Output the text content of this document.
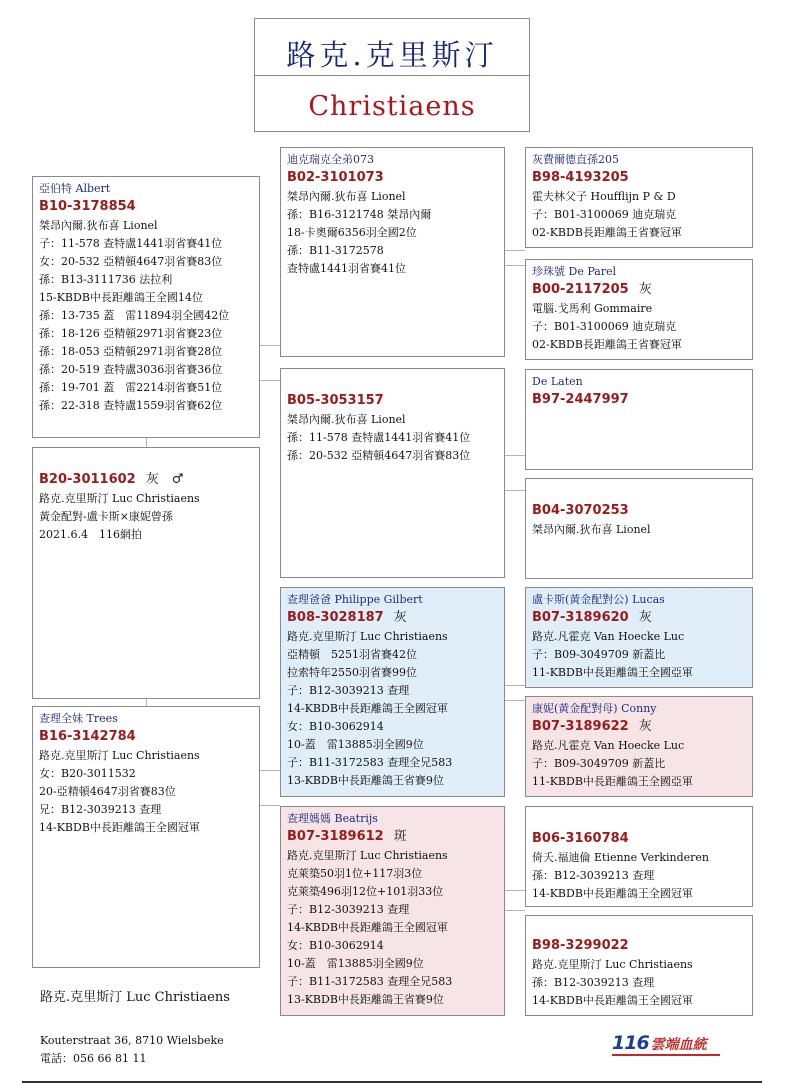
路克.克里斯汀
Christiaens
亞伯特 Albert
B10-3178854
桀昂內爾.狄布喜 Lionel
子：11-578 查特盧1441羽省賽41位
女：20-532 亞精頓4647羽省賽83位
孫：B13-3111736 法拉利
15-KBDB中長距離鴿王全國14位
孫：13-735 蓋　雷11894羽全國42位
孫：18-126 亞精頓2971羽省賽23位
孫：18-053 亞精頓2971羽省賽28位
孫：20-519 查特盧3036羽省賽36位
孫：19-701 蓋　雷2214羽省賽51位
孫：22-318 查特盧1559羽省賽62位
B20-3011602 灰　♂
路克.克里斯汀 Luc Christiaens
黃金配對-盧卡斯×康妮曾孫
2021.6.4　116網拍
查理全妹 Trees
B16-3142784
路克.克里斯汀 Luc Christiaens
女：B20-3011532
20-亞精頓4647羽省賽83位
兄：B12-3039213 查理
14-KBDB中長距離鴿王全國冠軍
迪克瑞克全弟073
B02-3101073
桀昂內爾.狄布喜 Lionel
孫：B16-3121748 桀昂內爾
18-卡奧爾6356羽全國2位
孫：B11-3172578
查特盧1441羽省賽41位
B05-3053157
桀昂內爾.狄布喜 Lionel
孫：11-578 查特盧1441羽省賽41位
孫：20-532 亞精頓4647羽省賽83位
查理爸爸 Philippe Gilbert
B08-3028187 灰
路克.克里斯汀 Luc Christiaens
亞精頓　5251羽省賽42位
拉索特年2550羽省賽99位
子：B12-3039213 查理
14-KBDB中長距離鴿王全國冠軍
女：B10-3062914
10-蓋　雷13885羽全國9位
子：B11-3172583 查理全兄583
13-KBDB中長距離鴿王省賽9位
查理媽媽 Beatrijs
B07-3189612 斑
路克.克里斯汀 Luc Christiaens
克萊築50羽1位+117羽3位
克萊築496羽12位+101羽33位
子：B12-3039213 查理
14-KBDB中長距離鴿王全國冠軍
女：B10-3062914
10-蓋　雷13885羽全國9位
子：B11-3172583 查理全兄583
13-KBDB中長距離鴿王省賽9位
灰費爾德直孫205
B98-4193205
霍夫林父子 Houfflijn P & D
子：B01-3100069 迪克瑞克
02-KBDB長距離鴿王省賽冠軍
珍珠號 De Parel
B00-2117205 灰
電腦.戈馬利 Gommaire
子：B01-3100069 迪克瑞克
02-KBDB長距離鴿王省賽冠軍
De Laten
B97-2447997
B04-3070253
桀昂內爾.狄布喜 Lionel
盧卡斯(黃金配對公) Lucas
B07-3189620 灰
路克.凡霍克 Van Hoecke Luc
子：B09-3049709 新蓋比
11-KBDB中長距離鴿王全國亞軍
康妮(黃金配對母) Conny
B07-3189622 灰
路克.凡霍克 Van Hoecke Luc
子：B09-3049709 新蓋比
11-KBDB中長距離鴿王全國亞軍
B06-3160784
倚夭.福迪倫 Etienne Verkinderen
孫：B12-3039213 查理
14-KBDB中長距離鴿王全國冠軍
B98-3299022
路克.克里斯汀 Luc Christiaens
孫：B12-3039213 查理
14-KBDB中長距離鴿王全國冠軍
路克.克里斯汀 Luc Christiaens
Kouterstraat 36, 8710 Wielsbeke
電話：056 66 81 11
116 雲端血統
